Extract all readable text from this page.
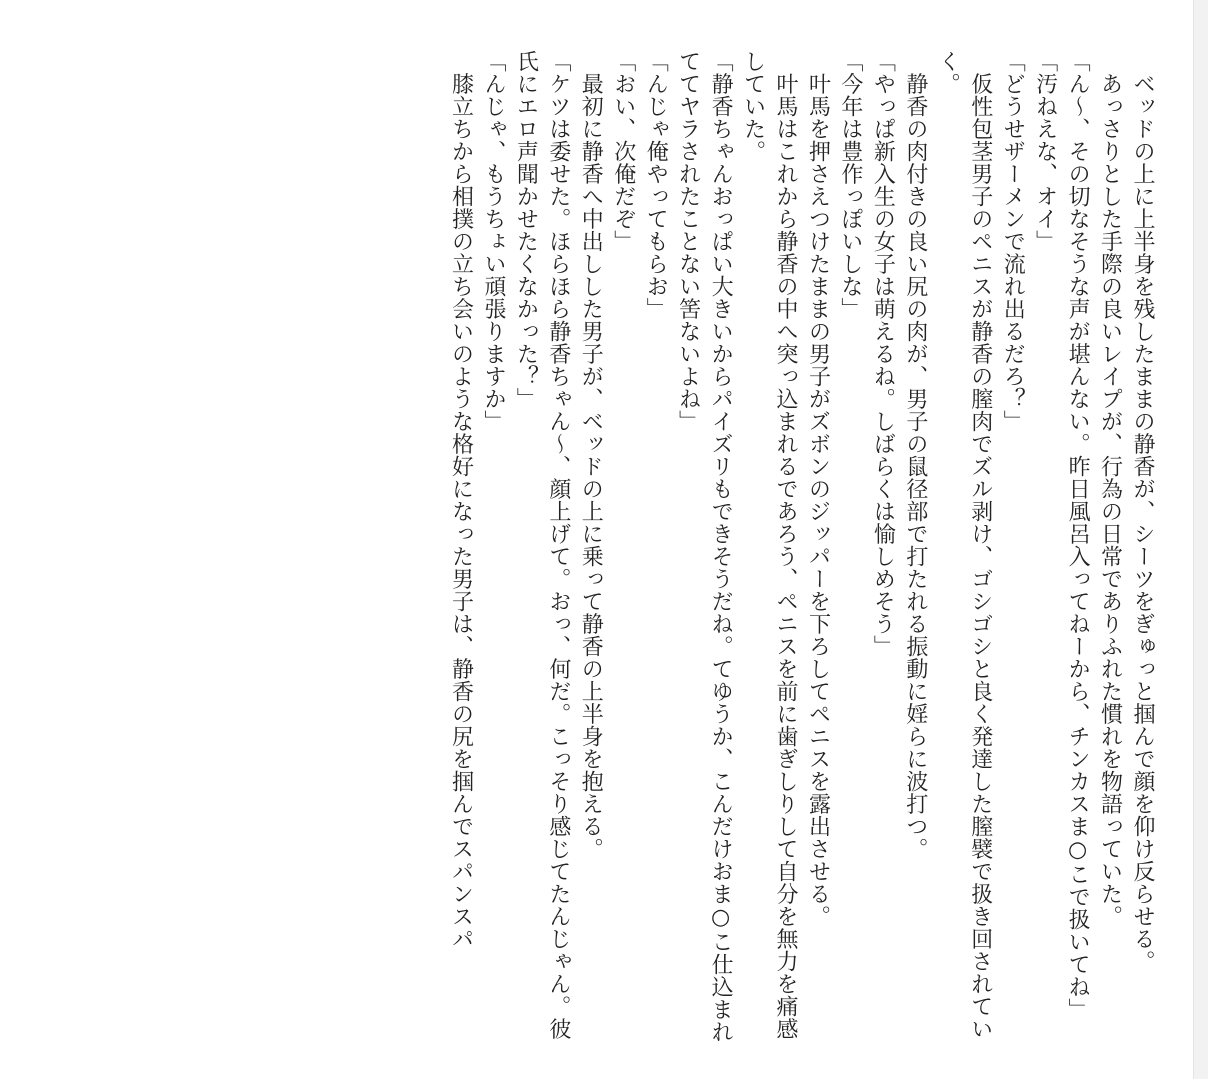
　ベッドの上に上半身を残したままの静香が、シーツをぎゅっと掴んで顔を仰け反らせる。

　あっさりとした手際の良いレイプが、行為の日常でありふれた慣れを物語っていた。

「ん～、その切なそうな声が堪んない。昨日風呂入ってねーから、チンカスま○こで扱いてね」

「汚ねえな、オイ」

「どうせザーメンで流れ出るだろ？」

　仮性包茎男子のペニスが静香の膣肉でズル剥け、ゴシゴシと良く発達した膣襞で扱き回されていく。

　静香の肉付きの良い尻の肉が、男子の鼠径部で打たれる振動に婬らに波打つ。

「やっぱ新入生の女子は萌えるね。しばらくは愉しめそう」

「今年は豊作っぽいしな」

　叶馬を押さえつけたままの男子がズボンのジッパーを下ろしてペニスを露出させる。

　叶馬はこれから静香の中へ突っ込まれるであろう、ペニスを前に歯ぎしりして自分を無力を痛感していた。

「静香ちゃんおっぱい大きいからパイズリもできそうだね。てゆうか、こんだけおま○こ仕込まれててヤラされたことない筈ないよね」

「んじゃ俺やってもらお」

「おい、次俺だぞ」

　最初に静香へ中出しした男子が、ベッドの上に乗って静香の上半身を抱える。

「ケツは委せた。ほらほら静香ちゃん～、顔上げて。おっ、何だ。こっそり感じてたんじゃん。彼氏にエロ声聞かせたくなかった？」

「んじゃ、もうちょい頑張りますか」

　膝立ちから相撲の立ち会いのような格好になった男子は、静香の尻を掴んでスパンスパ
